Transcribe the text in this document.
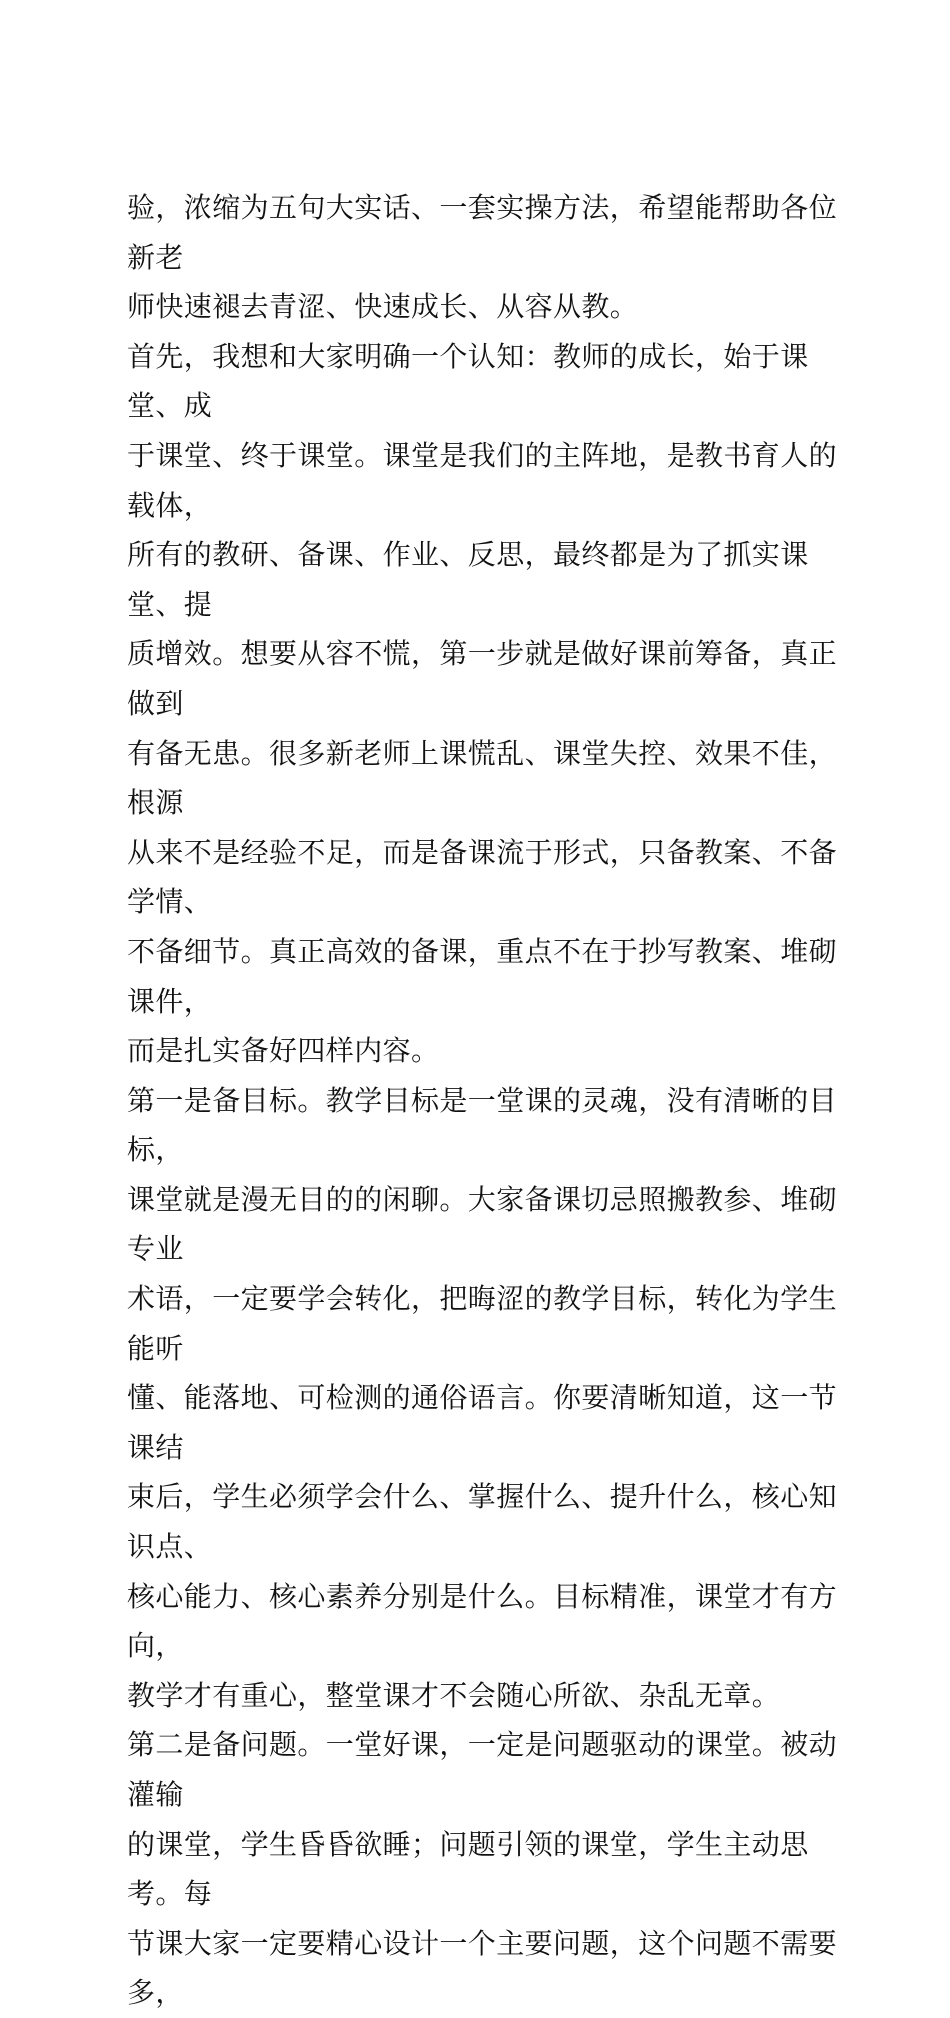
验，浓缩为五句大实话、一套实操方法，希望能帮助各位新老
师快速褪去青涩、快速成长、从容从教。

首先，我想和大家明确一个认知：教师的成长，始于课堂、成
于课堂、终于课堂。课堂是我们的主阵地，是教书育人的载体，
所有的教研、备课、作业、反思，最终都是为了抓实课堂、提
质增效。想要从容不慌，第一步就是做好课前筹备，真正做到
有备无患。很多新老师上课慌乱、课堂失控、效果不佳，根源
从来不是经验不足，而是备课流于形式，只备教案、不备学情、
不备细节。真正高效的备课，重点不在于抄写教案、堆砌课件，
而是扎实备好四样内容。

第一是备目标。教学目标是一堂课的灵魂，没有清晰的目标，
课堂就是漫无目的的闲聊。大家备课切忌照搬教参、堆砌专业
术语，一定要学会转化，把晦涩的教学目标，转化为学生能听
懂、能落地、可检测的通俗语言。你要清晰知道，这一节课结
束后，学生必须学会什么、掌握什么、提升什么，核心知识点、
核心能力、核心素养分别是什么。目标精准，课堂才有方向，
教学才有重心，整堂课才不会随心所欲、杂乱无章。

第二是备问题。一堂好课，一定是问题驱动的课堂。被动灌输
的课堂，学生昏昏欲睡；问题引领的课堂，学生主动思考。每
节课大家一定要精心设计一个主要问题，这个问题不需要多，
